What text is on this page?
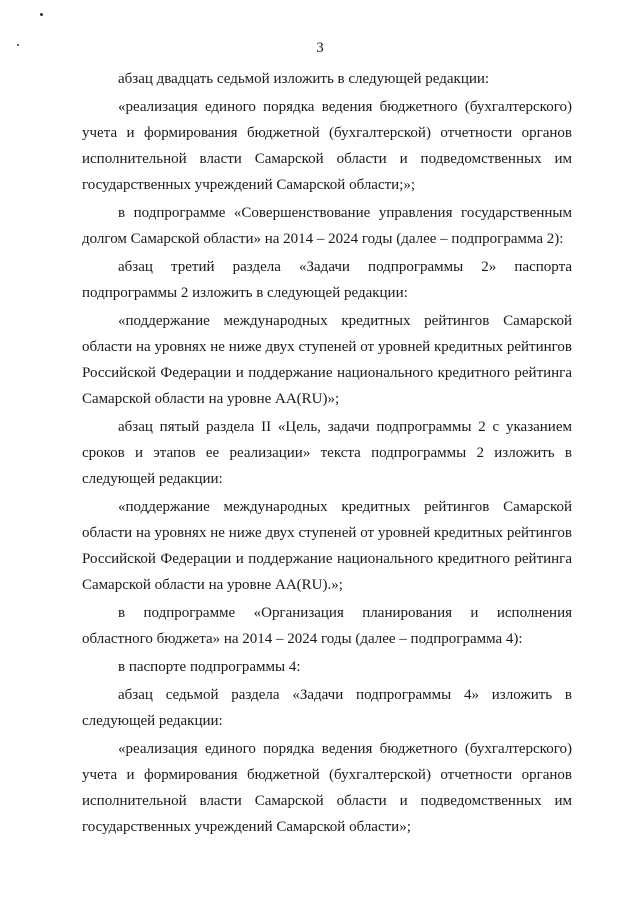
3

абзац двадцать седьмой изложить в следующей редакции:

«реализация единого порядка ведения бюджетного (бухгалтерского) учета и формирования бюджетной (бухгалтерской) отчетности органов исполнительной власти Самарской области и подведомственных им государственных учреждений Самарской области;»;

в подпрограмме «Совершенствование управления государственным долгом Самарской области» на 2014 – 2024 годы (далее – подпрограмма 2):

абзац третий раздела «Задачи подпрограммы 2» паспорта подпрограммы 2 изложить в следующей редакции:

«поддержание международных кредитных рейтингов Самарской области на уровнях не ниже двух ступеней от уровней кредитных рейтингов Российской Федерации и поддержание национального кредитного рейтинга Самарской области на уровне AA(RU)»;

абзац пятый раздела II «Цель, задачи подпрограммы 2 с указанием сроков и этапов ее реализации» текста подпрограммы 2 изложить в следующей редакции:

«поддержание международных кредитных рейтингов Самарской области на уровнях не ниже двух ступеней от уровней кредитных рейтингов Российской Федерации и поддержание национального кредитного рейтинга Самарской области на уровне AA(RU).»;

в подпрограмме «Организация планирования и исполнения областного бюджета» на 2014 – 2024 годы (далее – подпрограмма 4):

в паспорте подпрограммы 4:

абзац седьмой раздела «Задачи подпрограммы 4» изложить в следующей редакции:

«реализация единого порядка ведения бюджетного (бухгалтерского) учета и формирования бюджетной (бухгалтерской) отчетности органов исполнительной власти Самарской области и подведомственных им государственных учреждений Самарской области»;
